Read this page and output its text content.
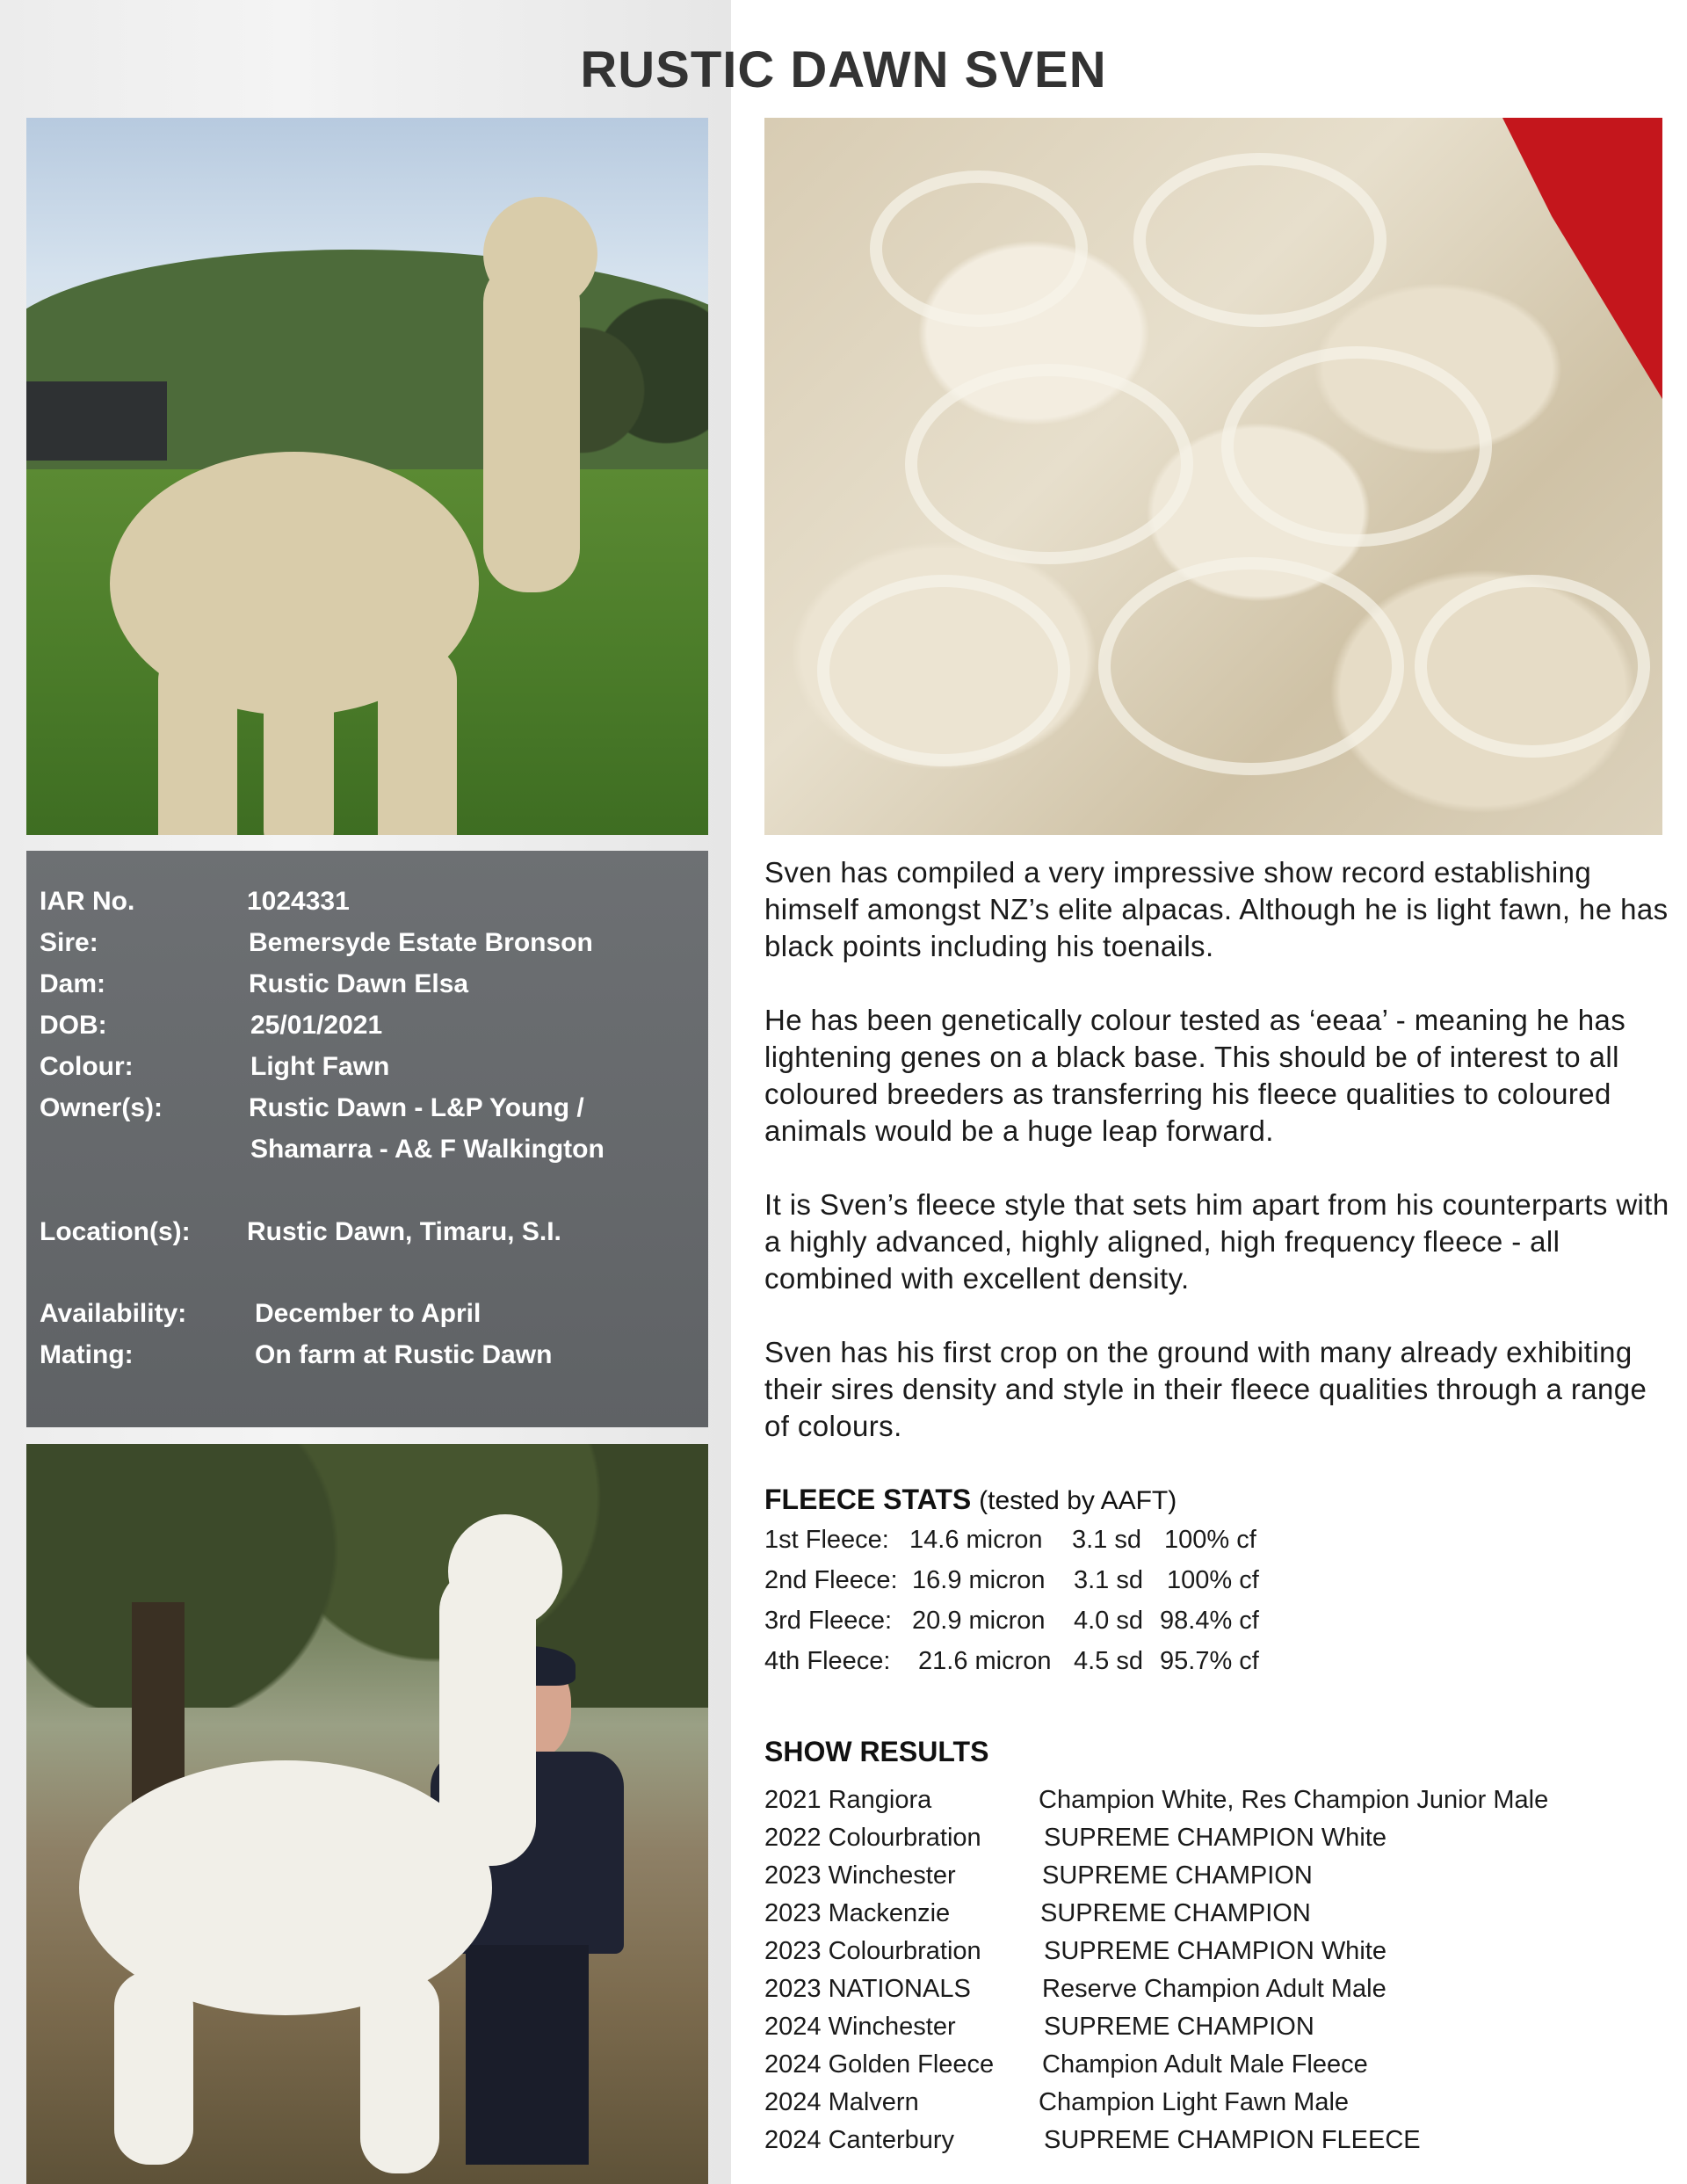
RUSTIC DAWN SVEN
IAR No.	1024331
Sire:	Bemersyde Estate Bronson
Dam:	Rustic Dawn Elsa
DOB:	25/01/2021
Colour:	Light Fawn
Owner(s):	Rustic Dawn - L&P Young /
Shamarra - A& F Walkington
Location(s): Rustic Dawn, Timaru, S.I.
Availability:	December to April
Mating:	On farm at Rustic Dawn

Sven has compiled a very impressive show record establishing himself amongst NZ’s elite alpacas. Although he is light fawn, he has black points including his toenails.

He has been genetically colour tested as ‘eeaa’ - meaning he has lightening genes on a black base. This should be of interest to all coloured breeders as transferring his fleece qualities to coloured animals would be a huge leap forward.

It is Sven’s fleece style that sets him apart from his counterparts with a highly advanced, highly aligned, high frequency fleece - all combined with excellent density.

Sven has his first crop on the ground with many already exhibiting their sires density and style in their fleece qualities through a range of colours.

FLEECE STATS (tested by AAFT)
1st Fleece: 14.6 micron 3.1 sd 100% cf
2nd Fleece: 16.9 micron 3.1 sd 100% cf
3rd Fleece: 20.9 micron 4.0 sd 98.4% cf
4th Fleece: 21.6 micron 4.5 sd 95.7% cf
SHOW RESULTS
2021 Rangiora	Champion White, Res Champion Junior Male
2022 Colourbration SUPREME CHAMPION White
2023 Winchester	SUPREME CHAMPION
2023 Mackenzie	SUPREME CHAMPION
2023 Colourbration SUPREME CHAMPION White
2023 NATIONALS	Reserve Champion Adult Male
2024 Winchester	SUPREME CHAMPION
2024 Golden Fleece Champion Adult Male Fleece
2024 Malvern	Champion Light Fawn Male
2024 Canterbury	SUPREME CHAMPION FLEECE
